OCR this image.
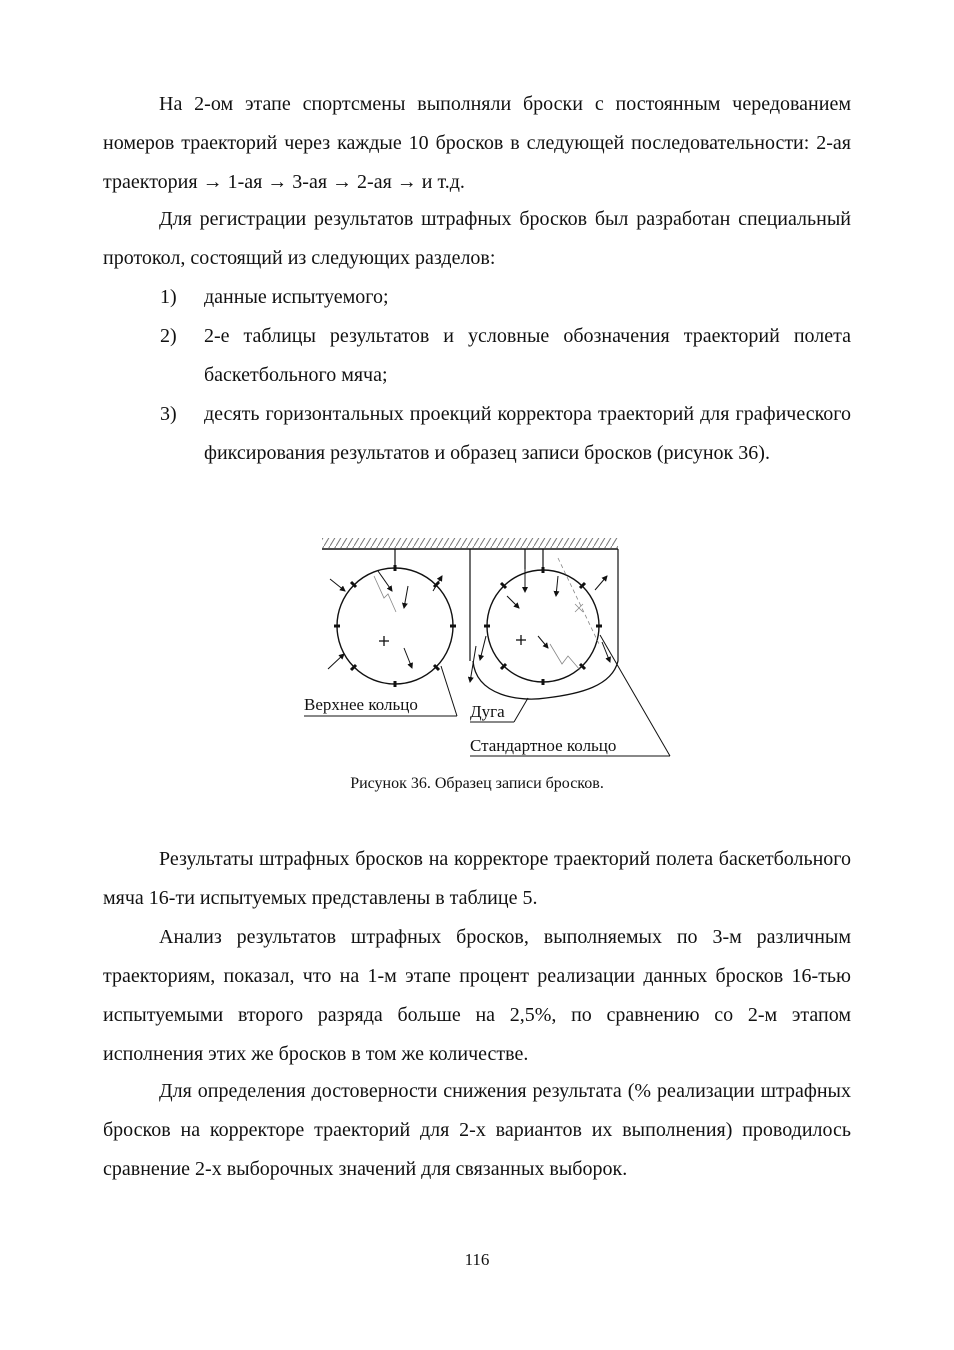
На 2-ом этапе спортсмены выполняли броски с постоянным чередованием номеров траекторий через каждые 10 бросков в следующей последовательности: 2-ая траектория → 1-ая → 3-ая → 2-ая → и т.д.

Для регистрации результатов штрафных бросков был разработан специальный протокол, состоящий из следующих разделов:

1)	данные испытуемого;
2)	2-е таблицы результатов и условные обозначения траекторий полета баскетбольного мяча;
3)	десять горизонтальных проекций корректора траекторий для графического фиксирования результатов и образец записи бросков (рисунок 36).
Верхнее кольцо	Дуга
Стандартное кольцо
Рисунок 36. Образец записи бросков.

Результаты штрафных бросков на корректоре траекторий полета баскетбольного мяча 16-ти испытуемых представлены в таблице 5.

Анализ результатов штрафных бросков, выполняемых по 3-м различным траекториям, показал, что на 1-м этапе процент реализации данных бросков 16-тью испытуемыми второго разряда больше на 2,5%, по сравнению со 2-м этапом исполнения этих же бросков в том же количестве.

Для определения достоверности снижения результата (% реализации штрафных бросков на корректоре траекторий для 2-х вариантов их выполнения) проводилось сравнение 2-х выборочных значений для связанных выборок.

116
